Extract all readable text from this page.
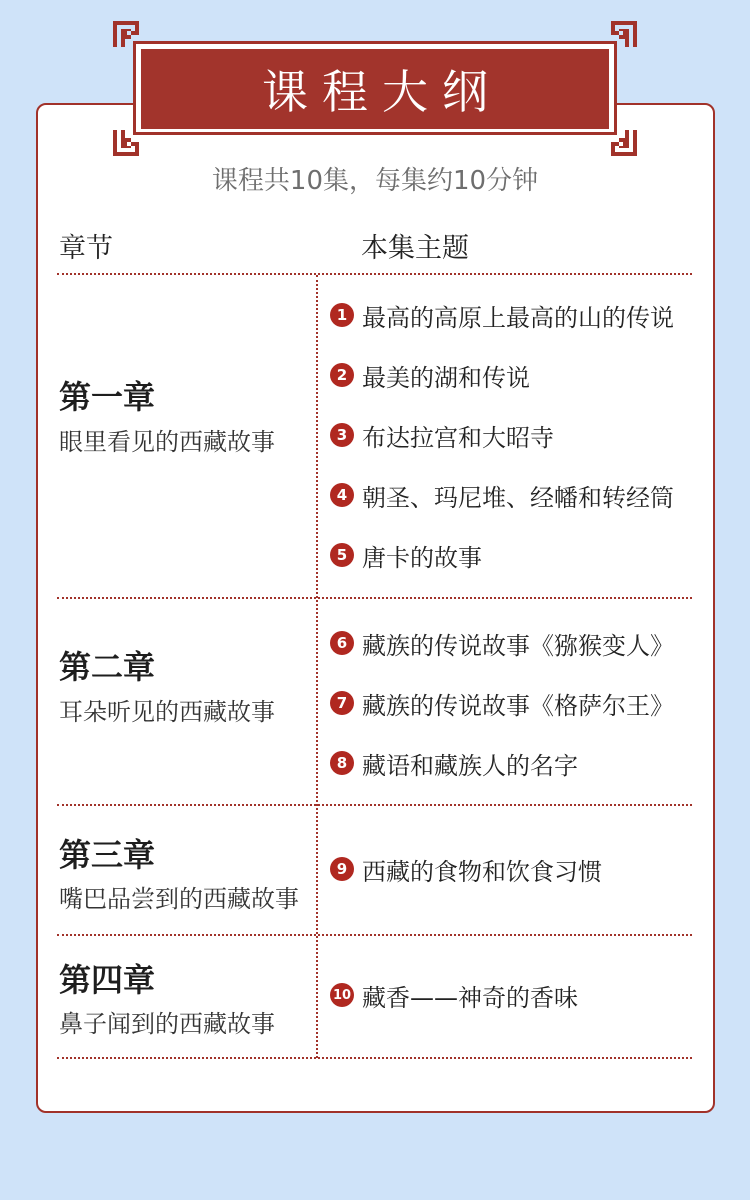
课程大纲
课程共10集，每集约10分钟
章节	本集主题
第一章
眼里看见的西藏故事
1 最高的高原上最高的山的传说
2 最美的湖和传说
3 布达拉宫和大昭寺
4 朝圣、玛尼堆、经幡和转经筒
5 唐卡的故事
第二章
耳朵听见的西藏故事
6 藏族的传说故事《猕猴变人》
7 藏族的传说故事《格萨尔王》
8 藏语和藏族人的名字
第三章
嘴巴品尝到的西藏故事
9 西藏的食物和饮食习惯
第四章
鼻子闻到的西藏故事
10 藏香——神奇的香味
